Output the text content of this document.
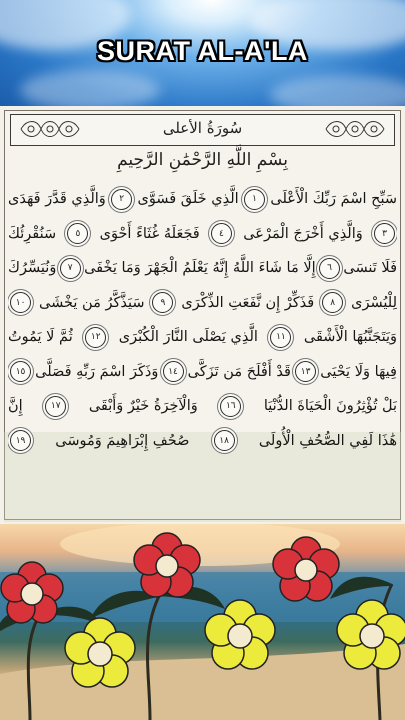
SURAT AL-A'LA
سُورَةُ الأعلى
بِسْمِ اللَّهِ الرَّحْمَٰنِ الرَّحِيمِ
سَبِّحِ اسْمَ رَبِّكَ الْأَعْلَى
١
الَّذِي خَلَقَ فَسَوَّى
٢
وَالَّذِي قَدَّرَ فَهَدَى
٣
وَالَّذِي أَخْرَجَ الْمَرْعَى
٤
فَجَعَلَهُ غُثَاءً أَحْوَى
٥
سَنُقْرِئُكَ
فَلَا تَنسَى
٦
إِلَّا مَا شَاءَ اللَّهُ إِنَّهُ يَعْلَمُ الْجَهْرَ وَمَا يَخْفَى
٧
وَنُيَسِّرُكَ
لِلْيُسْرَى
٨
فَذَكِّرْ إِن نَّفَعَتِ الذِّكْرَى
٩
سَيَذَّكَّرُ مَن يَخْشَى
١٠
وَيَتَجَنَّبُهَا الْأَشْقَى
١١
الَّذِي يَصْلَى النَّارَ الْكُبْرَى
١٢
ثُمَّ لَا يَمُوتُ
فِيهَا وَلَا يَحْيَى
١٣
قَدْ أَفْلَحَ مَن تَزَكَّى
١٤
وَذَكَرَ اسْمَ رَبِّهِ فَصَلَّى
١٥
بَلْ تُؤْثِرُونَ الْحَيَاةَ الدُّنْيَا
١٦
وَالْآخِرَةُ خَيْرٌ وَأَبْقَى
١٧
إِنَّ
هَٰذَا لَفِي الصُّحُفِ الْأُولَى
١٨
صُحُفِ إِبْرَاهِيمَ وَمُوسَى
١٩
